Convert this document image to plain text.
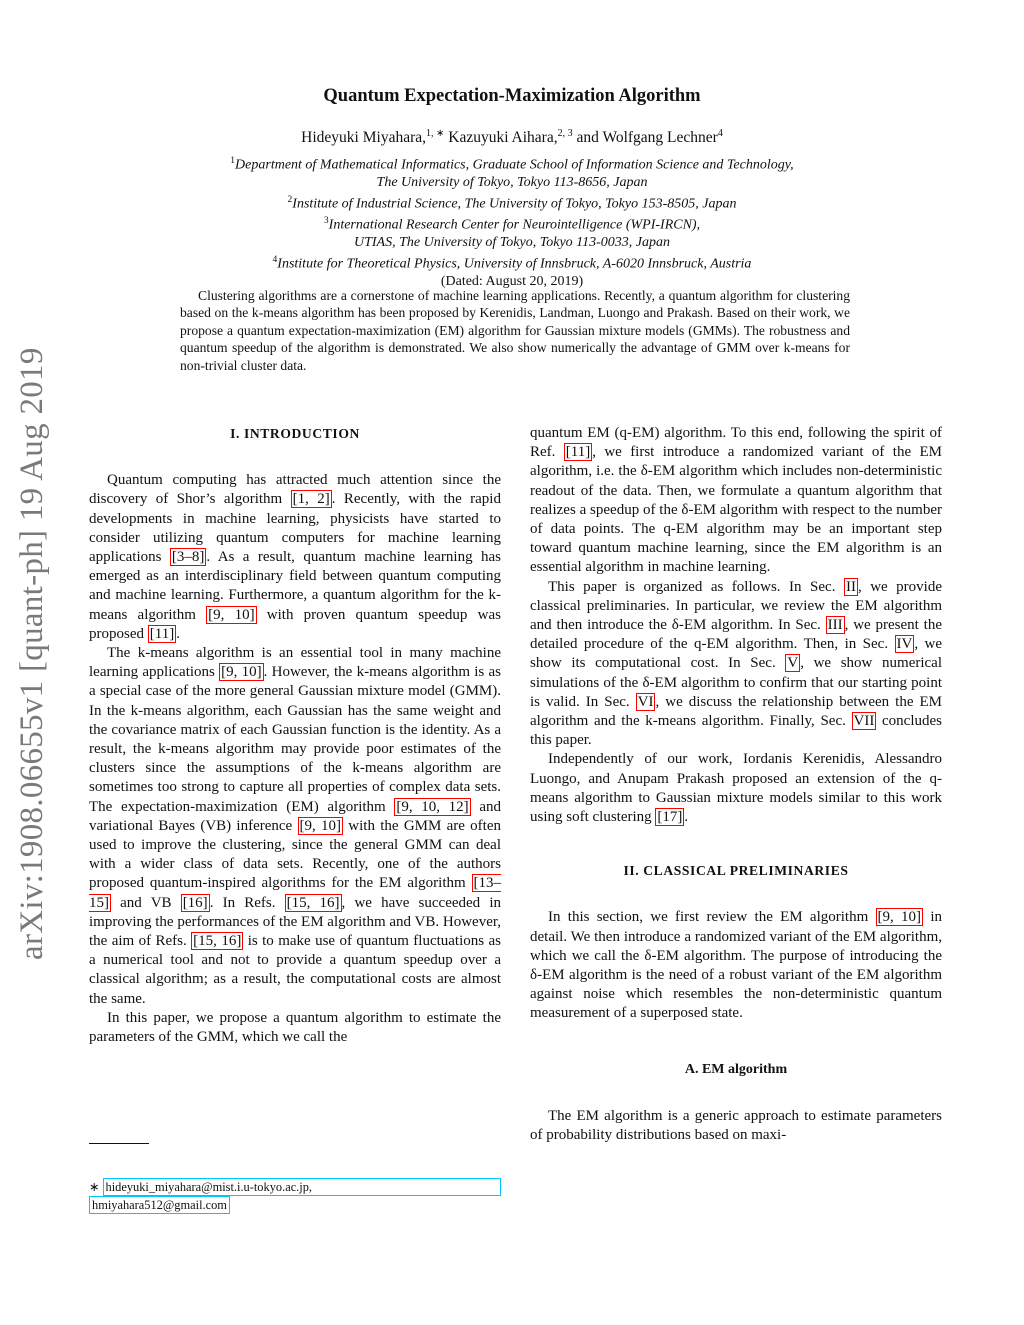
arXiv:1908.06655v1 [quant-ph] 19 Aug 2019
Quantum Expectation-Maximization Algorithm
Hideyuki Miyahara,$^{1, ∗}$ Kazuyuki Aihara,$^{2, 3}$ and Wolfgang Lechner$^4$
$^1$Department of Mathematical Informatics, Graduate School of Information Science and Technology,
The University of Tokyo, Tokyo 113-8656, Japan
$^2$Institute of Industrial Science, The University of Tokyo, Tokyo 153-8505, Japan
$^3$International Research Center for Neurointelligence (WPI-IRCN),
UTIAS, The University of Tokyo, Tokyo 113-0033, Japan
$^4$Institute for Theoretical Physics, University of Innsbruck, A-6020 Innsbruck, Austria
(Dated: August 20, 2019)
Clustering algorithms are a cornerstone of machine learning applications. Recently, a quantum algorithm for clustering based on the k-means algorithm has been proposed by Kerenidis, Landman, Luongo and Prakash. Based on their work, we propose a quantum expectation-maximization (EM) algorithm for Gaussian mixture models (GMMs). The robustness and quantum speedup of the algorithm is demonstrated. We also show numerically the advantage of GMM over k-means for non-trivial cluster data.
I. INTRODUCTION

Quantum computing has attracted much attention since the discovery of Shor’s algorithm [1, 2] . Recently, with the rapid developments in machine learning, physicists have started to consider utilizing quantum computers for machine learning applications [3–8] . As a result, quantum machine learning has emerged as an interdisciplinary field between quantum computing and machine learning. Furthermore, a quantum algorithm for the k-means algorithm [9, 10] with proven quantum speedup was proposed [11] .

The k-means algorithm is an essential tool in many machine learning applications [9, 10] . However, the k-means algorithm is as a special case of the more general Gaussian mixture model (GMM). In the k-means algorithm, each Gaussian has the same weight and the covariance matrix of each Gaussian function is the identity. As a result, the k-means algorithm may provide poor estimates of the clusters since the assumptions of the k-means algorithm are sometimes too strong to capture all properties of complex data sets. The expectation-maximization (EM) algorithm [9, 10, 12] and variational Bayes (VB) inference [9, 10] with the GMM are often used to improve the clustering, since the general GMM can deal with a wider class of data sets. Recently, one of the authors proposed quantum-inspired algorithms for the EM algorithm [13–15] and VB [16] . In Refs. [15, 16] , we have succeeded in improving the performances of the EM algorithm and VB. However, the aim of Refs. [15, 16] is to make use of quantum fluctuations as a numerical tool and not to provide a quantum speedup over a classical algorithm; as a result, the computational costs are almost the same.

In this paper, we propose a quantum algorithm to estimate the parameters of the GMM, which we call the

quantum EM (q-EM) algorithm. To this end, following the spirit of Ref. [11] , we first introduce a randomized variant of the EM algorithm, i.e. the δ-EM algorithm which includes non-deterministic readout of the data. Then, we formulate a quantum algorithm that realizes a speedup of the δ-EM algorithm with respect to the number of data points. The q-EM algorithm may be an important step toward quantum machine learning, since the EM algorithm is an essential algorithm in machine learning.

This paper is organized as follows. In Sec. II , we provide classical preliminaries. In particular, we review the EM algorithm and then introduce the δ-EM algorithm. In Sec. III , we present the detailed procedure of the q-EM algorithm. Then, in Sec. IV , we show its computational cost. In Sec. V , we show numerical simulations of the δ-EM algorithm to confirm that our starting point is valid. In Sec. VI , we discuss the relationship between the EM algorithm and the k-means algorithm. Finally, Sec. VII concludes this paper.

Independently of our work, Iordanis Kerenidis, Alessandro Luongo, and Anupam Prakash proposed an extension of the q-means algorithm to Gaussian mixture models similar to this work using soft clustering [17] .

II. CLASSICAL PRELIMINARIES

In this section, we first review the EM algorithm [9, 10] in detail. We then introduce a randomized variant of the EM algorithm, which we call the δ-EM algorithm. The purpose of introducing the δ-EM algorithm is the need of a robust variant of the EM algorithm against noise which resembles the non-deterministic quantum measurement of a superposed state.

A. EM algorithm

The EM algorithm is a generic approach to estimate parameters of probability distributions based on maxi-

∗ hideyuki_miyahara@mist.i.u-tokyo.ac.jp,
hmiyahara512@gmail.com
